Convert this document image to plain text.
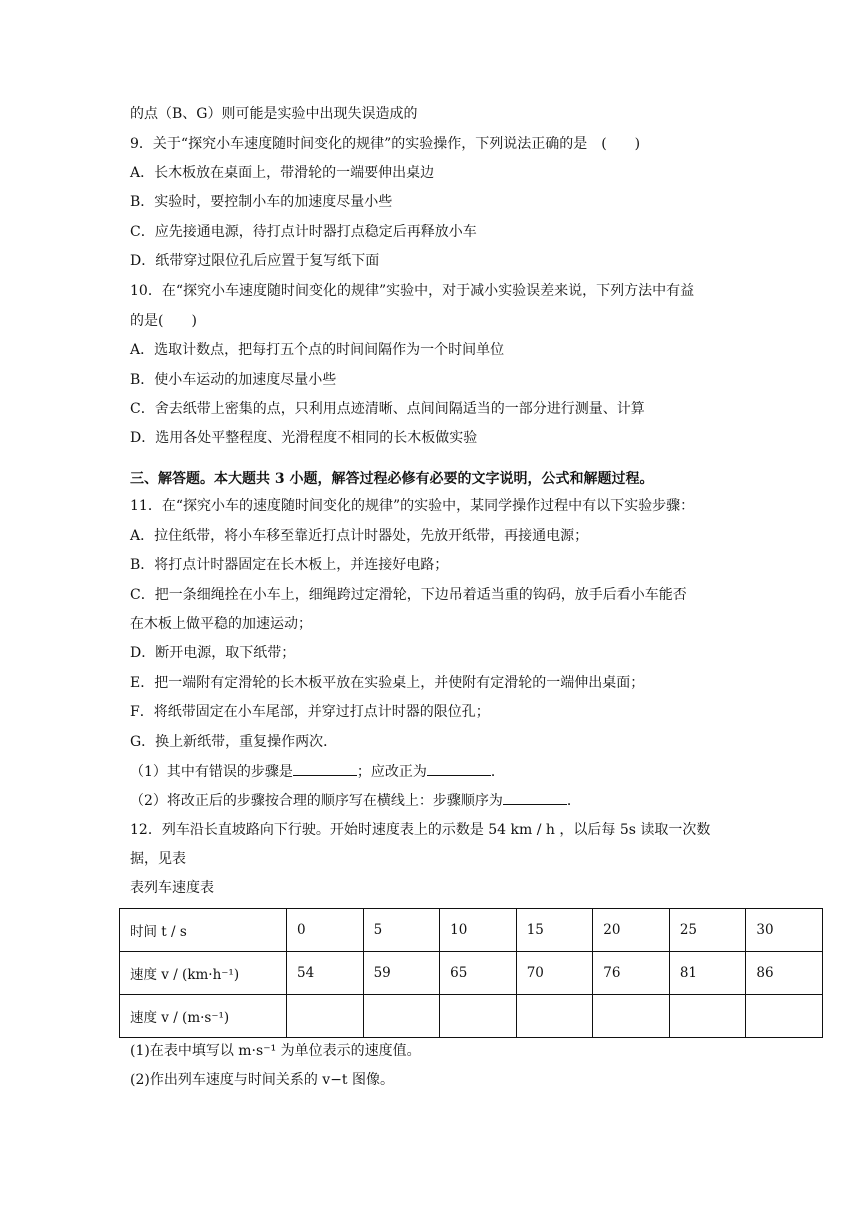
的点（B、G）则可能是实验中出现失误造成的
9．关于“探究小车速度随时间变化的规律”的实验操作，下列说法正确的是　(　　)
A．长木板放在桌面上，带滑轮的一端要伸出桌边
B．实验时，要控制小车的加速度尽量小些
C．应先接通电源，待打点计时器打点稳定后再释放小车
D．纸带穿过限位孔后应置于复写纸下面
10．在“探究小车速度随时间变化的规律”实验中，对于减小实验误差来说，下列方法中有益
的是(　　)
A．选取计数点，把每打五个点的时间间隔作为一个时间单位
B．使小车运动的加速度尽量小些
C．舍去纸带上密集的点，只利用点迹清晰、点间间隔适当的一部分进行测量、计算
D．选用各处平整程度、光滑程度不相同的长木板做实验
三、解答题。本大题共 3 小题，解答过程必修有必要的文字说明，公式和解题过程。
11．在“探究小车的速度随时间变化的规律”的实验中，某同学操作过程中有以下实验步骤：
A．拉住纸带，将小车移至靠近打点计时器处，先放开纸带，再接通电源；
B．将打点计时器固定在长木板上，并连接好电路；
C．把一条细绳拴在小车上，细绳跨过定滑轮，下边吊着适当重的钩码，放手后看小车能否
在木板上做平稳的加速运动；
D．断开电源，取下纸带；
E．把一端附有定滑轮的长木板平放在实验桌上，并使附有定滑轮的一端伸出桌面；
F．将纸带固定在小车尾部，并穿过打点计时器的限位孔；
G．换上新纸带，重复操作两次．
（1）其中有错误的步骤是	；应改正为	．
（2）将改正后的步骤按合理的顺序写在横线上：步骤顺序为	．
12．列车沿长直坡路向下行驶。开始时速度表上的示数是 54 km / h ，以后每 5s 读取一次数
据，见表
表列车速度表
时间 t / s	0	5	10	15	20	25	30
速度 v / (km·h⁻¹)	54	59	65	70	76	81	86
速度 v / (m·s⁻¹)							
(1)在表中填写以 m·s⁻¹ 为单位表示的速度值。
(2)作出列车速度与时间关系的 v−t 图像。
